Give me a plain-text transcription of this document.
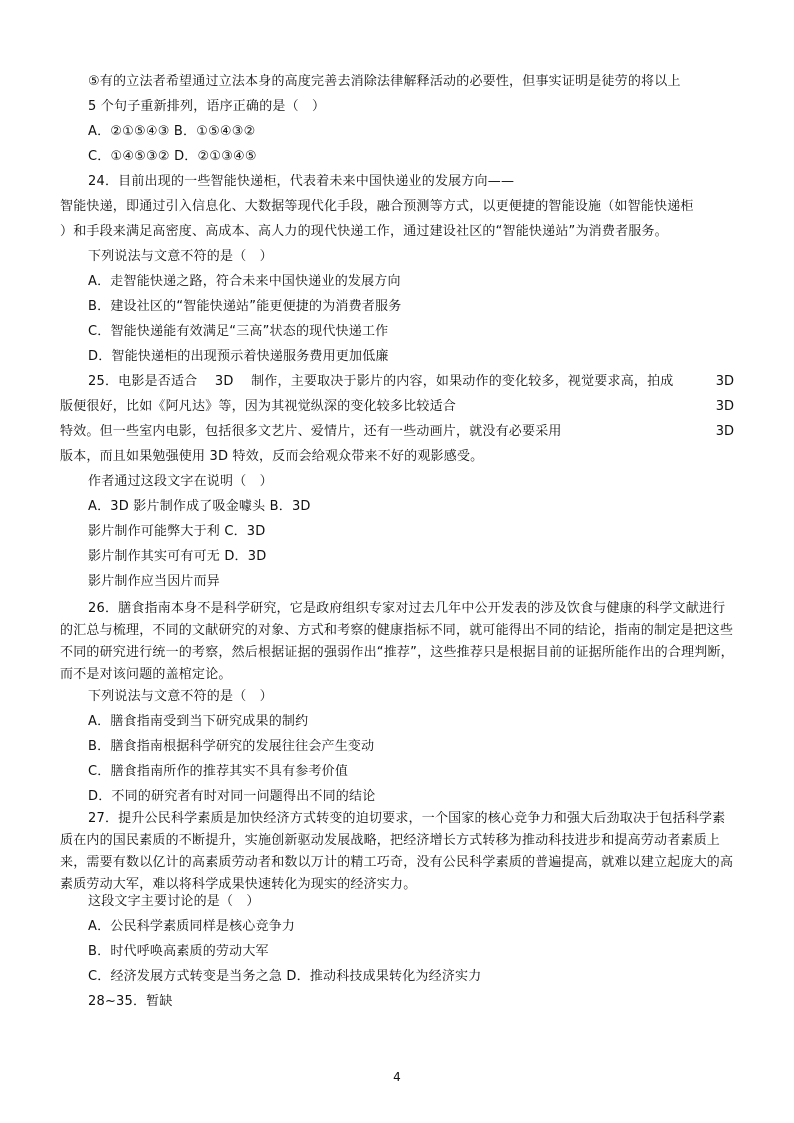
⑤有的立法者希望通过立法本身的高度完善去消除法律解释活动的必要性，但事实证明是徒劳的将以上
5 个句子重新排列，语序正确的是（　）
A．②①⑤④③ B．①⑤④③②
C．①④⑤③② D．②①③④⑤
24．目前出现的一些智能快递柜，代表着未来中国快递业的发展方向——
智能快递，即通过引入信息化、大数据等现代化手段，融合预测等方式，以更便捷的智能设施（如智能快递柜
）和手段来满足高密度、高成本、高人力的现代快递工作，通过建设社区的“智能快递站”为消费者服务。
下列说法与文意不符的是（　）
A．走智能快递之路，符合未来中国快递业的发展方向
B．建设社区的“智能快递站”能更便捷的为消费者服务
C．智能快递能有效满足“三高”状态的现代快递工作
D．智能快递柜的出现预示着快递服务费用更加低廉
25．电影是否适合　 3D　 制作，主要取决于影片的内容，如果动作的变化较多，视觉要求高，拍成	3D
版便很好，比如《阿凡达》等，因为其视觉纵深的变化较多比较适合	3D
特效。但一些室内电影，包括很多文艺片、爱情片，还有一些动画片，就没有必要采用	3D
版本，而且如果勉强使用 3D 特效，反而会给观众带来不好的观影感受。
作者通过这段文字在说明（　）
A．3D 影片制作成了吸金噱头 B．3D
影片制作可能弊大于利 C．3D
影片制作其实可有可无 D．3D
影片制作应当因片而异
26．膳食指南本身不是科学研究，它是政府组织专家对过去几年中公开发表的涉及饮食与健康的科学文献进行的汇总与梳理，不同的文献研究的对象、方式和考察的健康指标不同，就可能得出不同的结论，指南的制定是把这些不同的研究进行统一的考察，然后根据证据的强弱作出“推荐”，这些推荐只是根据目前的证据所能作出的合理判断，而不是对该问题的盖棺定论。
下列说法与文意不符的是（　）
A．膳食指南受到当下研究成果的制约
B．膳食指南根据科学研究的发展往往会产生变动
C．膳食指南所作的推荐其实不具有参考价值
D．不同的研究者有时对同一问题得出不同的结论
27．提升公民科学素质是加快经济方式转变的迫切要求，一个国家的核心竞争力和强大后劲取决于包括科学素质在内的国民素质的不断提升，实施创新驱动发展战略，把经济增长方式转移为推动科技进步和提高劳动者素质上来，需要有数以亿计的高素质劳动者和数以万计的精工巧奇，没有公民科学素质的普遍提高，就难以建立起庞大的高素质劳动大军，难以将科学成果快速转化为现实的经济实力。
这段文字主要讨论的是（　）
A．公民科学素质同样是核心竞争力
B．时代呼唤高素质的劳动大军
C．经济发展方式转变是当务之急 D．推动科技成果转化为经济实力
28~35．暂缺
4
